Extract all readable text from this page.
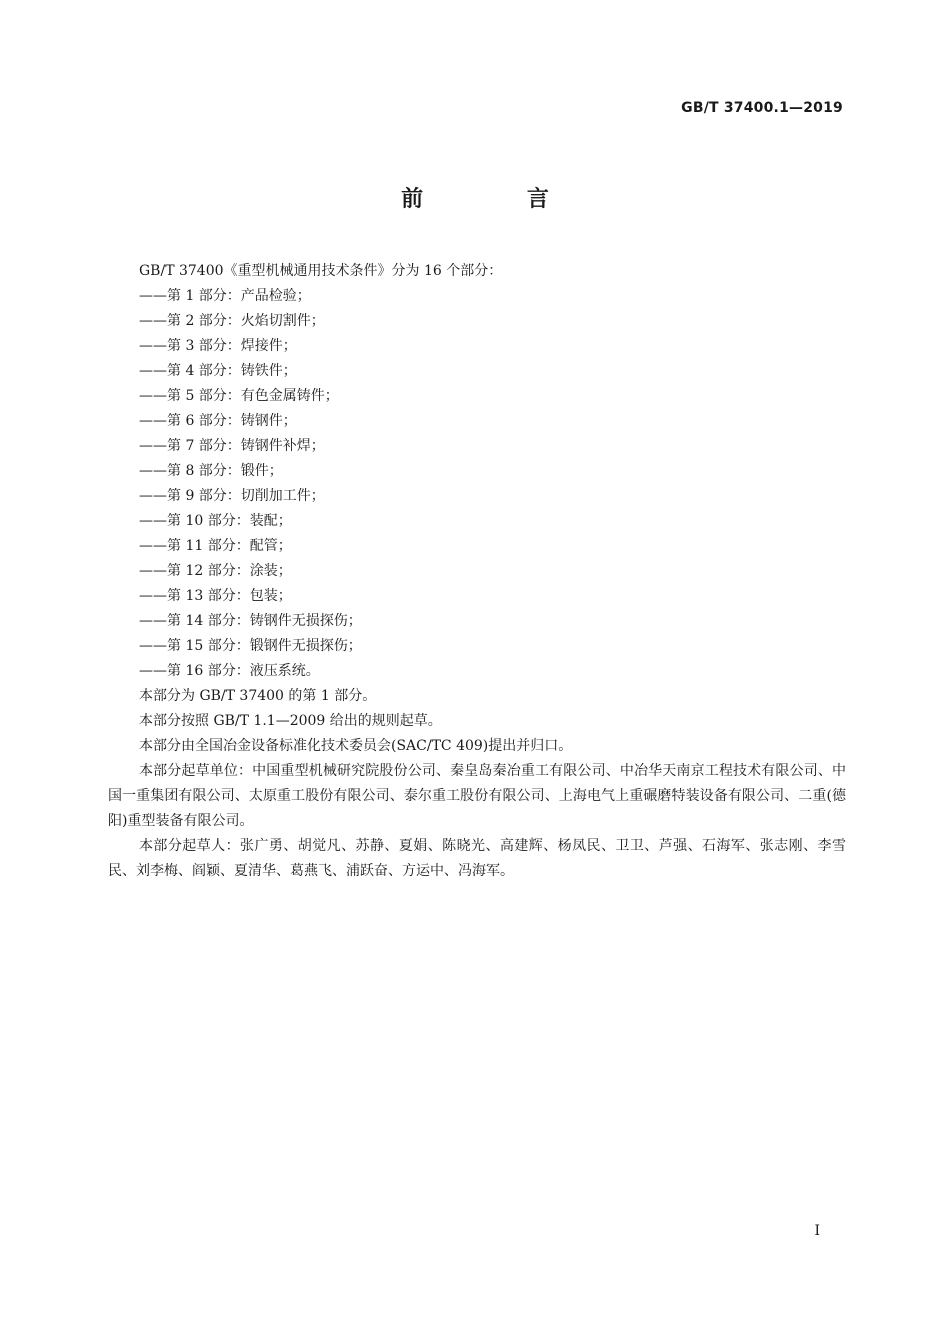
GB/T 37400.1—2019
前 言

GB/T 37400《重型机械通用技术条件》分为 16 个部分：

——第 1 部分：产品检验；
——第 2 部分：火焰切割件；
——第 3 部分：焊接件；
——第 4 部分：铸铁件；
——第 5 部分：有色金属铸件；
——第 6 部分：铸钢件；
——第 7 部分：铸钢件补焊；
——第 8 部分：锻件；
——第 9 部分：切削加工件；
——第 10 部分：装配；
——第 11 部分：配管；
——第 12 部分：涂装；
——第 13 部分：包装；
——第 14 部分：铸钢件无损探伤；
——第 15 部分：锻钢件无损探伤；
——第 16 部分：液压系统。

本部分为 GB/T 37400 的第 1 部分。

本部分按照 GB/T 1.1—2009 给出的规则起草。

本部分由全国冶金设备标准化技术委员会(SAC/TC 409)提出并归口。

本部分起草单位：中国重型机械研究院股份公司、秦皇岛秦冶重工有限公司、中冶华天南京工程技术有限公司、中国一重集团有限公司、太原重工股份有限公司、泰尔重工股份有限公司、上海电气上重碾磨特装设备有限公司、二重(德阳)重型装备有限公司。

本部分起草人：张广勇、胡觉凡、苏静、夏娟、陈晓光、高建辉、杨凤民、卫卫、芦强、石海军、张志刚、李雪民、刘李梅、阎颖、夏清华、葛燕飞、浦跃奋、方运中、冯海军。

I
